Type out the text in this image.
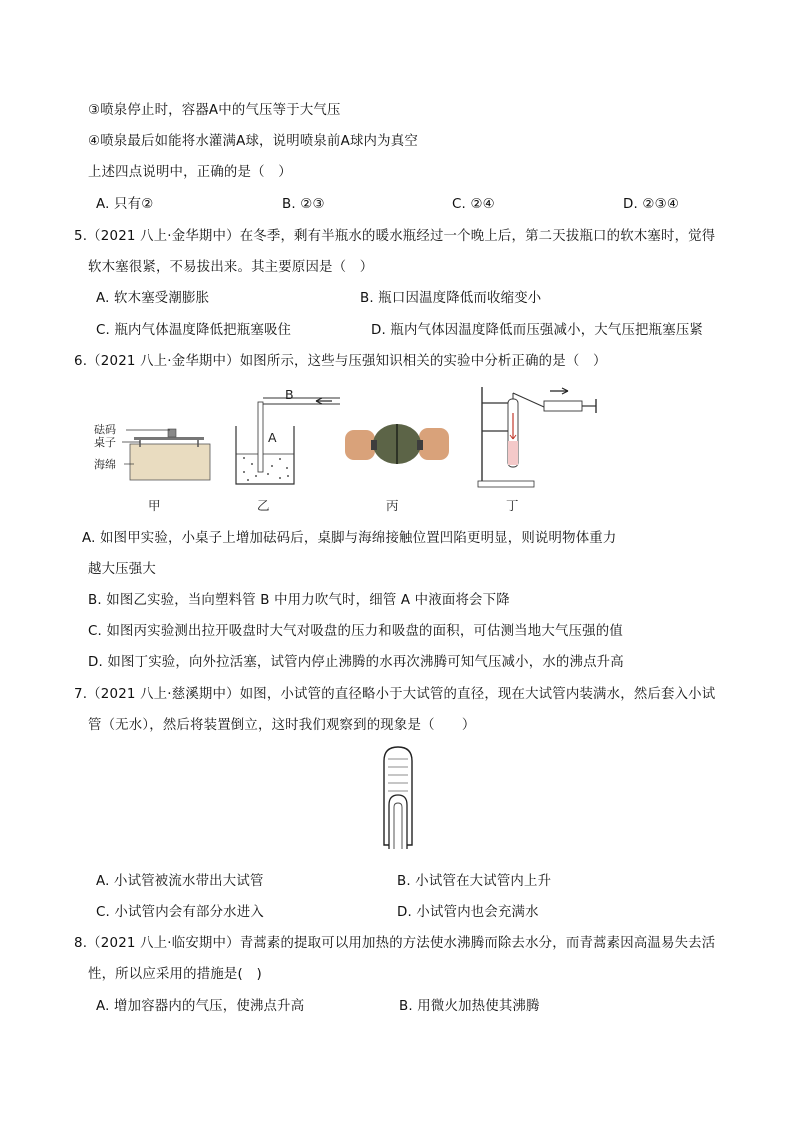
③喷泉停止时，容器A中的气压等于大气压
④喷泉最后如能将水灌满A球，说明喷泉前A球内为真空
上述四点说明中，正确的是（　）
A. 只有②	B. ②③	C. ②④	D. ②③④
5.（2021 八上·金华期中）在冬季，剩有半瓶水的暖水瓶经过一个晚上后，第二天拔瓶口的软木塞时，觉得
软木塞很紧，不易拔出来。其主要原因是（　）
A. 软木塞受潮膨胀	B. 瓶口因温度降低而收缩变小
C. 瓶内气体温度降低把瓶塞吸住	D. 瓶内气体因温度降低而压强减小，大气压把瓶塞压紧
6.（2021 八上·金华期中）如图所示，这些与压强知识相关的实验中分析正确的是（　）
砝码
桌子
海绵
B
A
甲	乙	丙	丁
A. 如图甲实验，小桌子上增加砝码后，桌脚与海绵接触位置凹陷更明显，则说明物体重力
越大压强大
B. 如图乙实验，当向塑料管 B 中用力吹气时，细管 A 中液面将会下降
C. 如图丙实验测出拉开吸盘时大气对吸盘的压力和吸盘的面积，可估测当地大气压强的值
D. 如图丁实验，向外拉活塞，试管内停止沸腾的水再次沸腾可知气压减小，水的沸点升高
7.（2021 八上·慈溪期中）如图，小试管的直径略小于大试管的直径，现在大试管内装满水，然后套入小试
管（无水），然后将装置倒立，这时我们观察到的现象是（　　）
A. 小试管被流水带出大试管	B. 小试管在大试管内上升
C. 小试管内会有部分水进入	D. 小试管内也会充满水
8.（2021 八上·临安期中）青蒿素的提取可以用加热的方法使水沸腾而除去水分，而青蒿素因高温易失去活
性，所以应采用的措施是(　)
A. 增加容器内的气压，使沸点升高	B. 用微火加热使其沸腾
